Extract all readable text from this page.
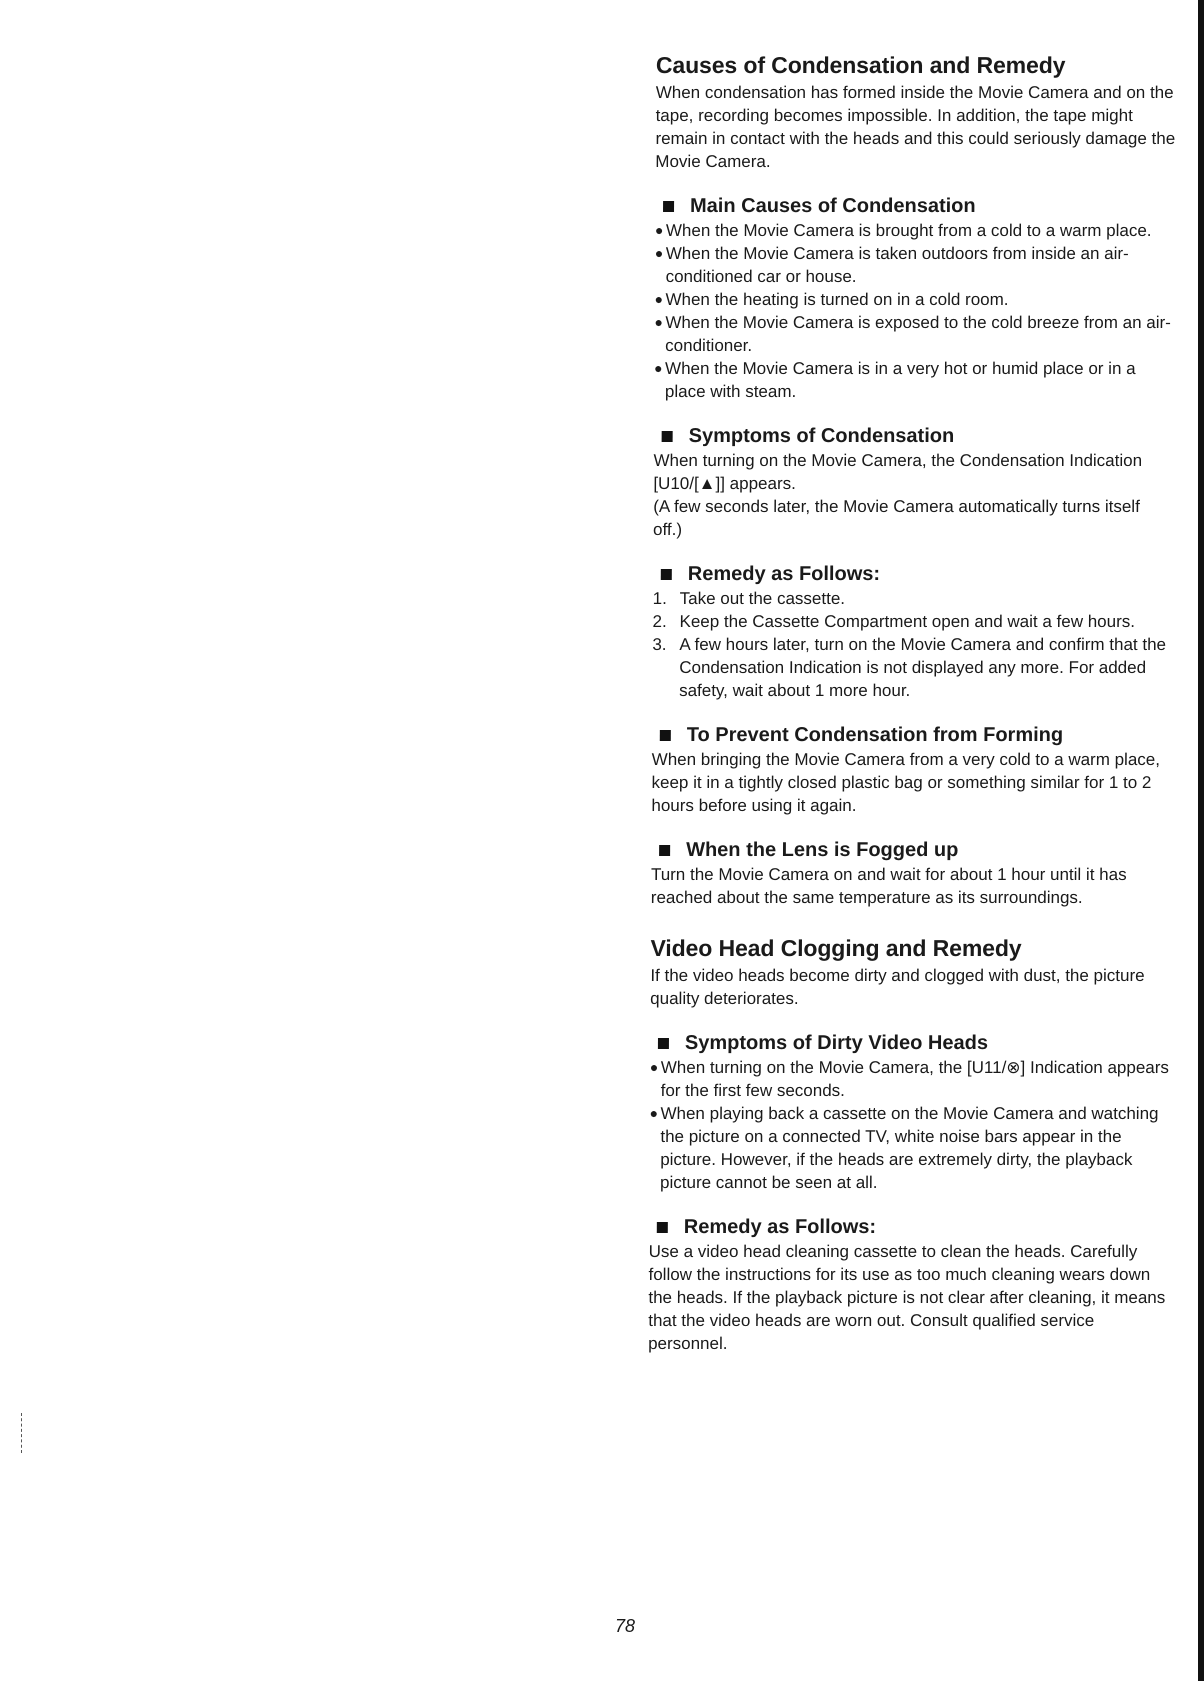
Causes of Condensation and Remedy

When condensation has formed inside the Movie Camera and on the tape, recording becomes impossible. In addition, the tape might remain in contact with the heads and this could seriously damage the Movie Camera.

Main Causes of Condensation
● When the Movie Camera is brought from a cold to a warm place.
● When the Movie Camera is taken outdoors from inside an air-conditioned car or house.
● When the heating is turned on in a cold room.
● When the Movie Camera is exposed to the cold breeze from an air-conditioner.
● When the Movie Camera is in a very hot or humid place or in a place with steam.
Symptoms of Condensation

When turning on the Movie Camera, the Condensation Indication [U10/[▲]] appears.

(A few seconds later, the Movie Camera automatically turns itself off.)

Remedy as Follows:
1. Take out the cassette.
2. Keep the Cassette Compartment open and wait a few hours.
3. A few hours later, turn on the Movie Camera and confirm that the Condensation Indication is not displayed any more. For added safety, wait about 1 more hour.
To Prevent Condensation from Forming

When bringing the Movie Camera from a very cold to a warm place, keep it in a tightly closed plastic bag or something similar for 1 to 2 hours before using it again.

When the Lens is Fogged up

Turn the Movie Camera on and wait for about 1 hour until it has reached about the same temperature as its surroundings.

Video Head Clogging and Remedy

If the video heads become dirty and clogged with dust, the picture quality deteriorates.

Symptoms of Dirty Video Heads
● When turning on the Movie Camera, the [U11/⊗] Indication appears for the first few seconds.
● When playing back a cassette on the Movie Camera and watching the picture on a connected TV, white noise bars appear in the picture. However, if the heads are extremely dirty, the playback picture cannot be seen at all.
Remedy as Follows:

Use a video head cleaning cassette to clean the heads. Carefully follow the instructions for its use as too much cleaning wears down the heads. If the playback picture is not clear after cleaning, it means that the video heads are worn out. Consult qualified service personnel.

78
